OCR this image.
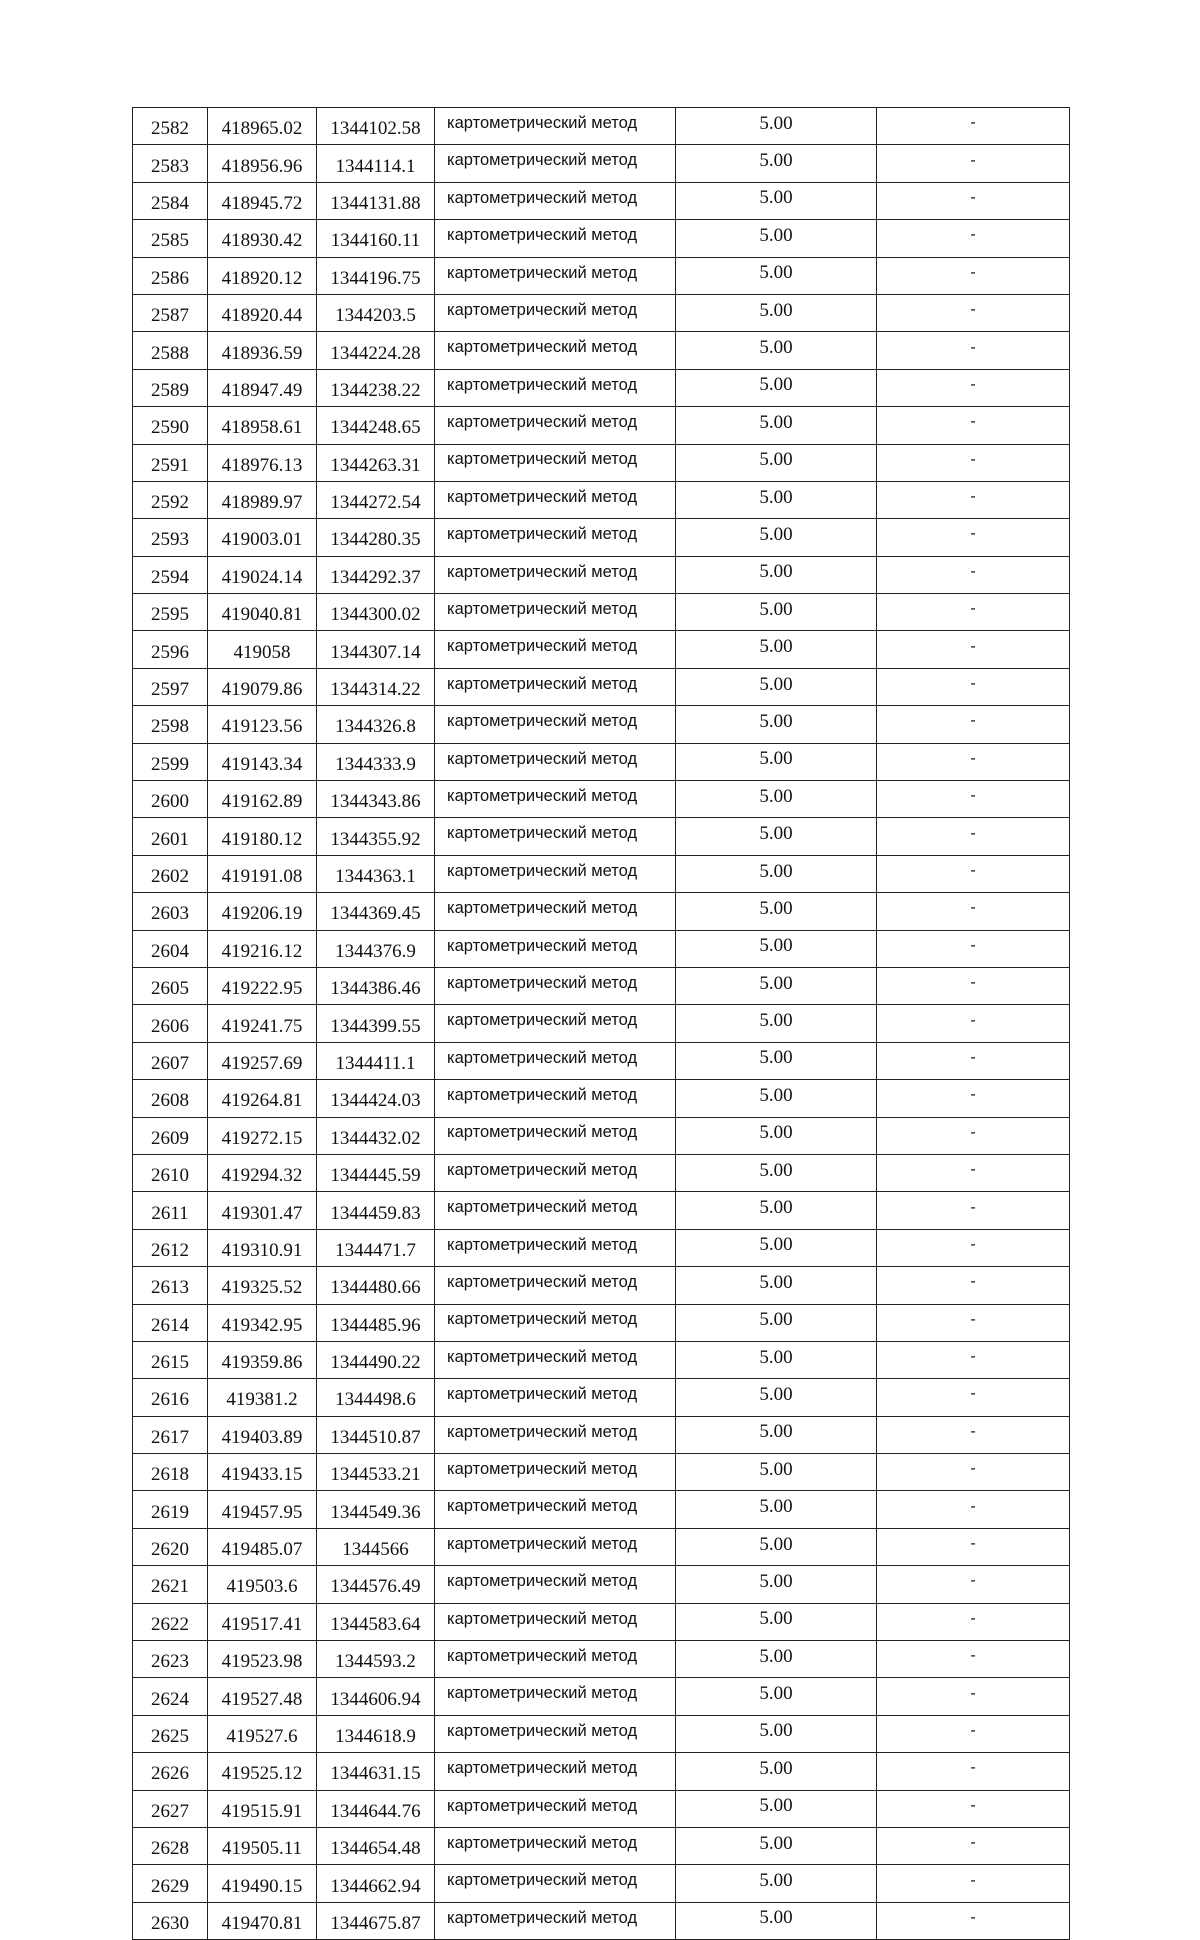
2582	418965.02	1344102.58	картометрический метод	5.00	-
2583	418956.96	1344114.1	картометрический метод	5.00	-
2584	418945.72	1344131.88	картометрический метод	5.00	-
2585	418930.42	1344160.11	картометрический метод	5.00	-
2586	418920.12	1344196.75	картометрический метод	5.00	-
2587	418920.44	1344203.5	картометрический метод	5.00	-
2588	418936.59	1344224.28	картометрический метод	5.00	-
2589	418947.49	1344238.22	картометрический метод	5.00	-
2590	418958.61	1344248.65	картометрический метод	5.00	-
2591	418976.13	1344263.31	картометрический метод	5.00	-
2592	418989.97	1344272.54	картометрический метод	5.00	-
2593	419003.01	1344280.35	картометрический метод	5.00	-
2594	419024.14	1344292.37	картометрический метод	5.00	-
2595	419040.81	1344300.02	картометрический метод	5.00	-
2596	419058	1344307.14	картометрический метод	5.00	-
2597	419079.86	1344314.22	картометрический метод	5.00	-
2598	419123.56	1344326.8	картометрический метод	5.00	-
2599	419143.34	1344333.9	картометрический метод	5.00	-
2600	419162.89	1344343.86	картометрический метод	5.00	-
2601	419180.12	1344355.92	картометрический метод	5.00	-
2602	419191.08	1344363.1	картометрический метод	5.00	-
2603	419206.19	1344369.45	картометрический метод	5.00	-
2604	419216.12	1344376.9	картометрический метод	5.00	-
2605	419222.95	1344386.46	картометрический метод	5.00	-
2606	419241.75	1344399.55	картометрический метод	5.00	-
2607	419257.69	1344411.1	картометрический метод	5.00	-
2608	419264.81	1344424.03	картометрический метод	5.00	-
2609	419272.15	1344432.02	картометрический метод	5.00	-
2610	419294.32	1344445.59	картометрический метод	5.00	-
2611	419301.47	1344459.83	картометрический метод	5.00	-
2612	419310.91	1344471.7	картометрический метод	5.00	-
2613	419325.52	1344480.66	картометрический метод	5.00	-
2614	419342.95	1344485.96	картометрический метод	5.00	-
2615	419359.86	1344490.22	картометрический метод	5.00	-
2616	419381.2	1344498.6	картометрический метод	5.00	-
2617	419403.89	1344510.87	картометрический метод	5.00	-
2618	419433.15	1344533.21	картометрический метод	5.00	-
2619	419457.95	1344549.36	картометрический метод	5.00	-
2620	419485.07	1344566	картометрический метод	5.00	-
2621	419503.6	1344576.49	картометрический метод	5.00	-
2622	419517.41	1344583.64	картометрический метод	5.00	-
2623	419523.98	1344593.2	картометрический метод	5.00	-
2624	419527.48	1344606.94	картометрический метод	5.00	-
2625	419527.6	1344618.9	картометрический метод	5.00	-
2626	419525.12	1344631.15	картометрический метод	5.00	-
2627	419515.91	1344644.76	картометрический метод	5.00	-
2628	419505.11	1344654.48	картометрический метод	5.00	-
2629	419490.15	1344662.94	картометрический метод	5.00	-
2630	419470.81	1344675.87	картометрический метод	5.00	-
